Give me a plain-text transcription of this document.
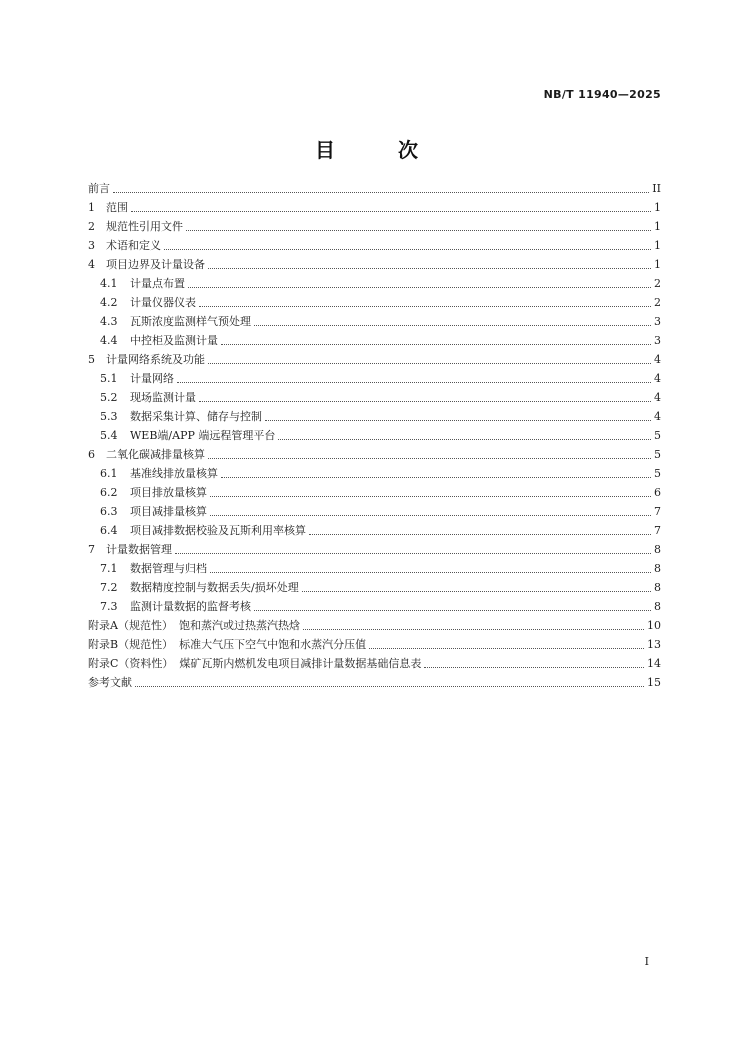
NB/T 11940—2025
目 次
前言	II
1	范围	1
2	规范性引用文件	1
3	术语和定义	1
4	项目边界及计量设备	1
4.1	计量点布置	2
4.2	计量仪器仪表	2
4.3	瓦斯浓度监测样气预处理	3
4.4	中控柜及监测计量	3
5	计量网络系统及功能	4
5.1	计量网络	4
5.2	现场监测计量	4
5.3	数据采集计算、储存与控制	4
5.4	WEB端/APP 端远程管理平台	5
6	二氧化碳减排量核算	5
6.1	基准线排放量核算	5
6.2	项目排放量核算	6
6.3	项目减排量核算	7
6.4	项目减排数据校验及瓦斯利用率核算	7
7	计量数据管理	8
7.1	数据管理与归档	8
7.2	数据精度控制与数据丢失/损坏处理	8
7.3	监测计量数据的监督考核	8
附录A（规范性） 饱和蒸汽或过热蒸汽热焓	10
附录B（规范性） 标准大气压下空气中饱和水蒸汽分压值	13
附录C（资料性） 煤矿瓦斯内燃机发电项目减排计量数据基础信息表	14
参考文献	15
I
